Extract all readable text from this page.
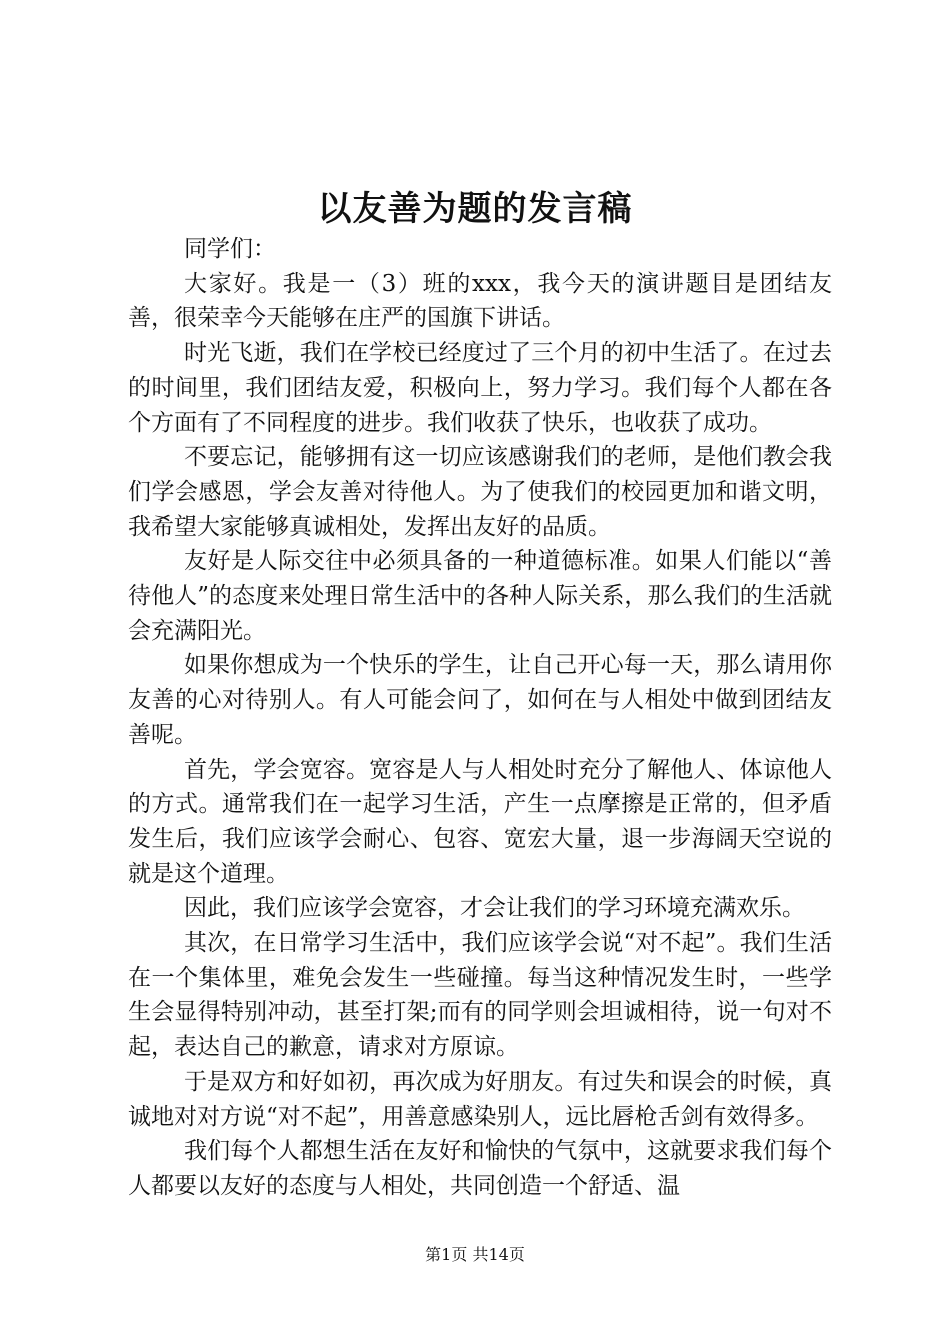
以友善为题的发言稿

同学们：

大家好。我是一（3）班的xxx，我今天的演讲题目是团结友善，很荣幸今天能够在庄严的国旗下讲话。

时光飞逝，我们在学校已经度过了三个月的初中生活了。在过去的时间里，我们团结友爱，积极向上，努力学习。我们每个人都在各个方面有了不同程度的进步。我们收获了快乐，也收获了成功。

不要忘记，能够拥有这一切应该感谢我们的老师，是他们教会我们学会感恩，学会友善对待他人。为了使我们的校园更加和谐文明，我希望大家能够真诚相处，发挥出友好的品质。

友好是人际交往中必须具备的一种道德标准。如果人们能以“善待他人”的态度来处理日常生活中的各种人际关系，那么我们的生活就会充满阳光。

如果你想成为一个快乐的学生，让自己开心每一天，那么请用你友善的心对待别人。有人可能会问了，如何在与人相处中做到团结友善呢。

首先，学会宽容。宽容是人与人相处时充分了解他人、体谅他人的方式。通常我们在一起学习生活，产生一点摩擦是正常的，但矛盾发生后，我们应该学会耐心、包容、宽宏大量，退一步海阔天空说的就是这个道理。

因此，我们应该学会宽容，才会让我们的学习环境充满欢乐。

其次，在日常学习生活中，我们应该学会说“对不起”。我们生活在一个集体里，难免会发生一些碰撞。每当这种情况发生时，一些学生会显得特别冲动，甚至打架;而有的同学则会坦诚相待，说一句对不起，表达自己的歉意，请求对方原谅。

于是双方和好如初，再次成为好朋友。有过失和误会的时候，真诚地对对方说“对不起”，用善意感染别人，远比唇枪舌剑有效得多。

我们每个人都想生活在友好和愉快的气氛中，这就要求我们每个人都要以友好的态度与人相处，共同创造一个舒适、温

第1页 共14页
